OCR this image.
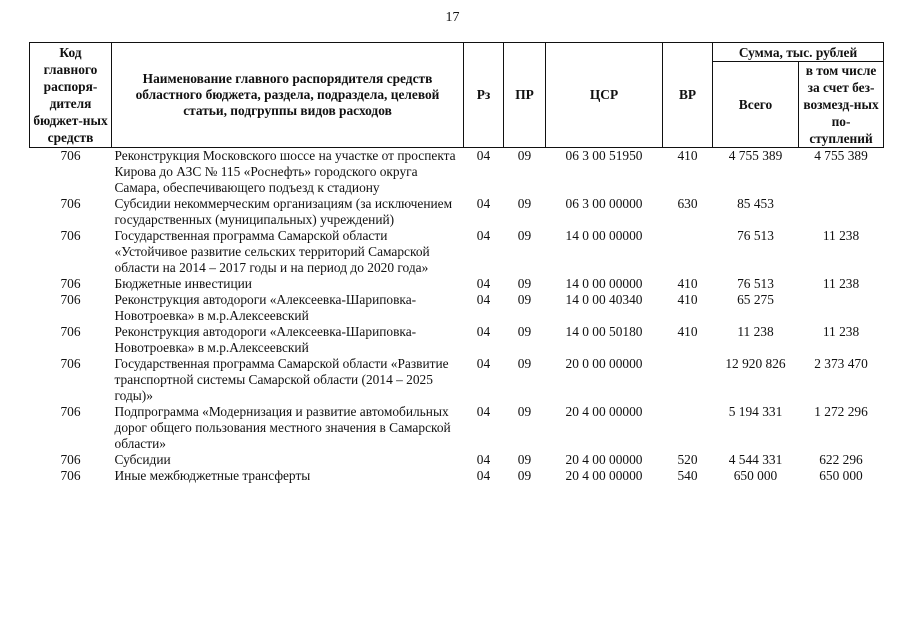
17
Код главного распоря-дителя бюджет-ных средств	Наименование главного распорядителя средств областного бюджета, раздела, подраздела, целевой статьи, подгруппы видов расходов	Рз	ПР	ЦСР	ВР	Сумма, тыс. рублей	
						Всего	в том числе за счет без-возмезд-ных по-ступлений
706	Реконструкция Московского шоссе на участке от проспекта Кирова до АЗС № 115 «Роснефть» городского округа Самара, обеспечивающего подъезд к стадиону	04	09	06 3 00 51950	410	4 755 389	4 755 389
706	Субсидии некоммерческим организациям (за исключением государственных (муниципальных) учреждений)	04	09	06 3 00 00000	630	85 453	
706	Государственная программа Самарской области «Устойчивое развитие сельских территорий Самарской области на 2014 – 2017 годы и на период до 2020 года»	04	09	14 0 00 00000		76 513	11 238
706	Бюджетные инвестиции	04	09	14 0 00 00000	410	76 513	11 238
706	Реконструкция автодороги «Алексеевка-Шариповка-Новотроевка» в м.р.Алексеевский	04	09	14 0 00 40340	410	65 275	
706	Реконструкция автодороги «Алексеевка-Шариповка-Новотроевка» в м.р.Алексеевский	04	09	14 0 00 50180	410	11 238	11 238
706	Государственная программа Самарской области «Развитие транспортной системы Самарской области (2014 – 2025 годы)»	04	09	20 0 00 00000		12 920 826	2 373 470
706	Подпрограмма «Модернизация и развитие автомобильных дорог общего пользования местного значения в Самарской области»	04	09	20 4 00 00000		5 194 331	1 272 296
706	Субсидии	04	09	20 4 00 00000	520	4 544 331	622 296
706	Иные межбюджетные трансферты	04	09	20 4 00 00000	540	650 000	650 000
